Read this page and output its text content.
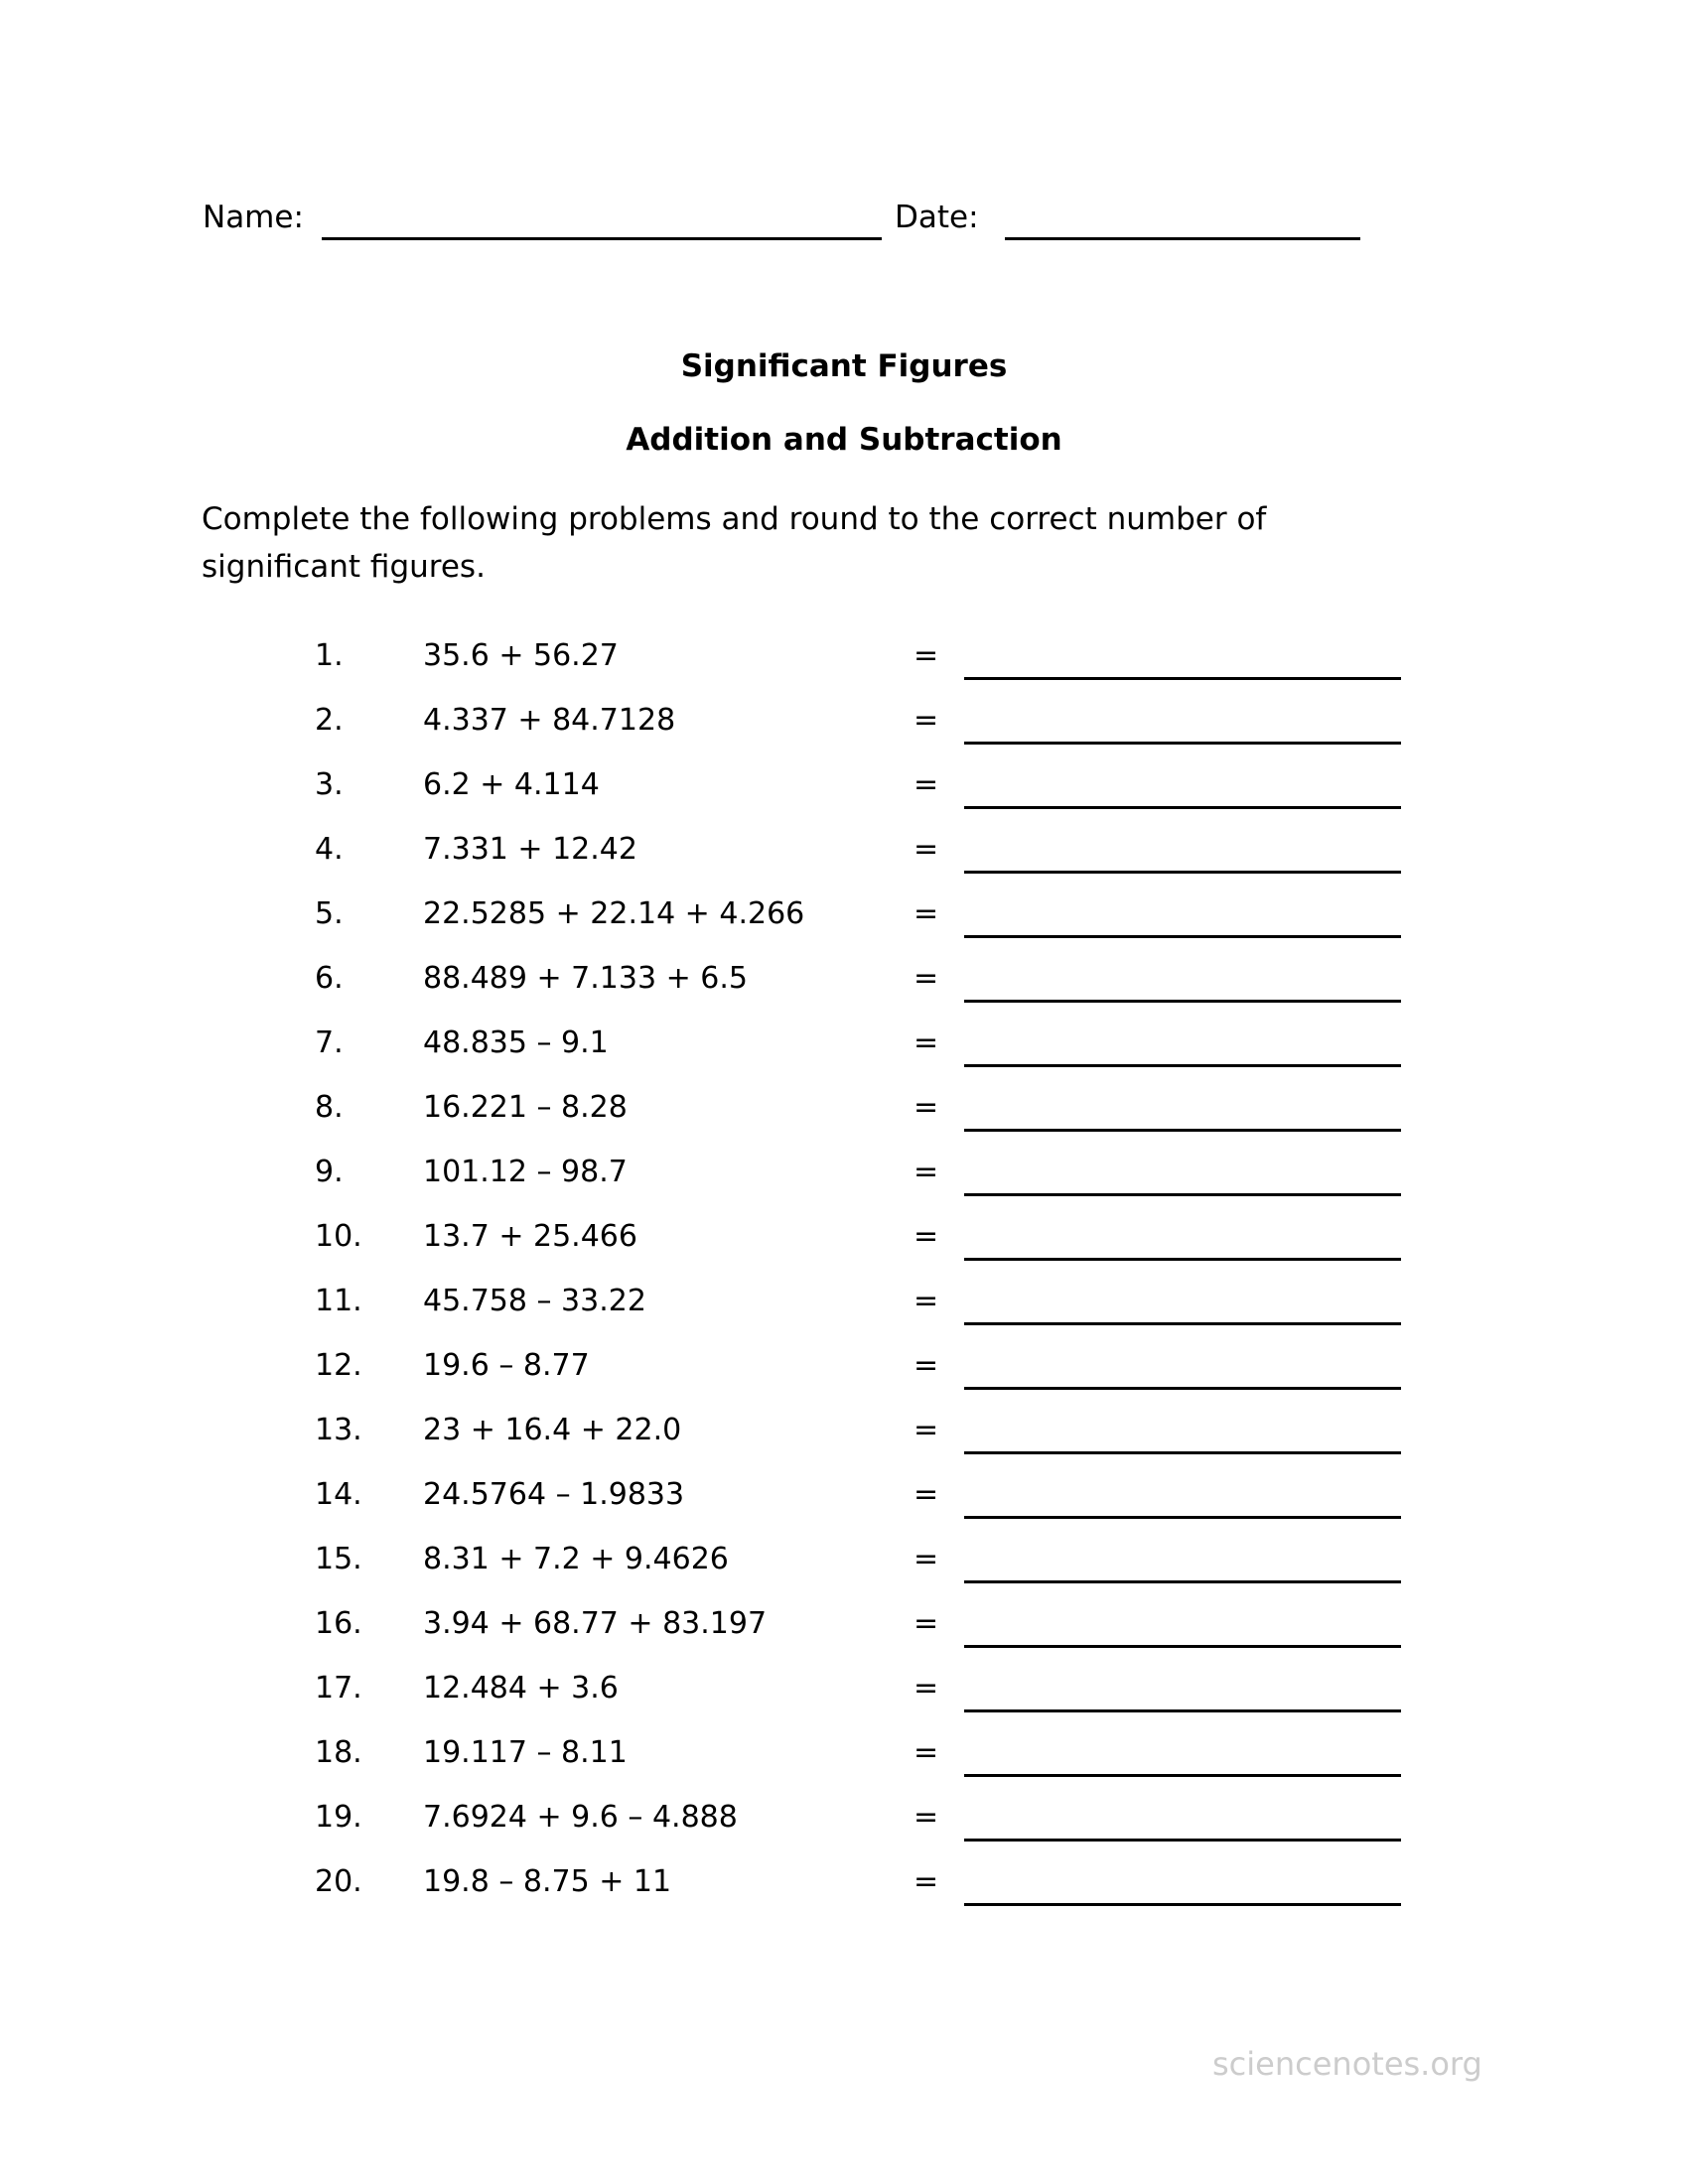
Name:	Date:
Significant Figures
Addition and Subtraction
Complete the following problems and round to the correct number of significant figures.
1.	35.6 + 56.27	=
2.	4.337 + 84.7128	=
3.	6.2 + 4.114	=
4.	7.331 + 12.42	=
5.	22.5285 + 22.14 + 4.266	=
6.	88.489 + 7.133 + 6.5	=
7.	48.835 – 9.1	=
8.	16.221 – 8.28	=
9.	101.12 – 98.7	=
10. 13.7 + 25.466	=
11. 45.758 – 33.22	=
12. 19.6 – 8.77	=
13. 23 + 16.4 + 22.0	=
14. 24.5764 – 1.9833	=
15. 8.31 + 7.2 + 9.4626	=
16. 3.94 + 68.77 + 83.197	=
17. 12.484 + 3.6	=
18. 19.117 – 8.11	=
19. 7.6924 + 9.6 – 4.888	=
20. 19.8 – 8.75 + 11	=
sciencenotes.org
